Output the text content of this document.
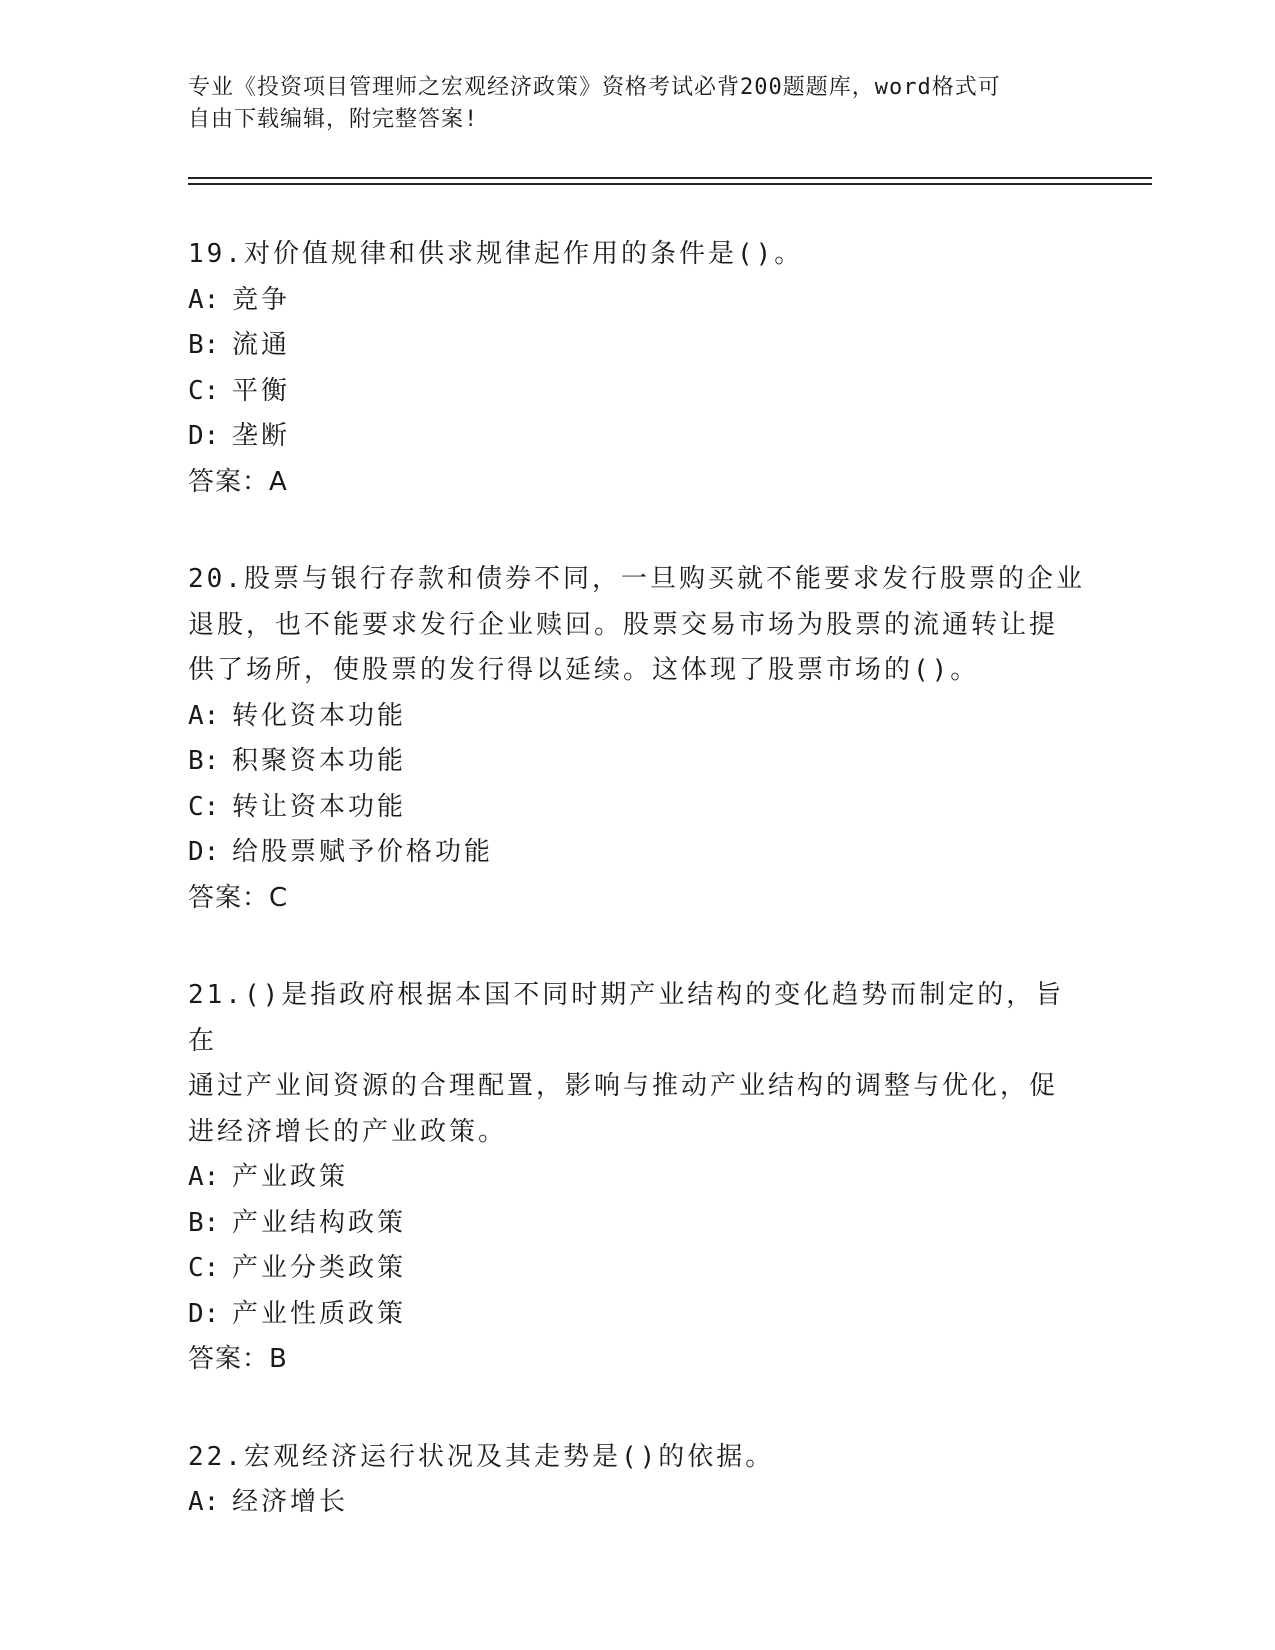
专业《投资项目管理师之宏观经济政策》资格考试必背200题题库，word格式可
自由下载编辑，附完整答案!
19.对价值规律和供求规律起作用的条件是()。
A: 竞争
B: 流通
C: 平衡
D: 垄断
答案：A
20.股票与银行存款和债券不同，一旦购买就不能要求发行股票的企业
退股，也不能要求发行企业赎回。股票交易市场为股票的流通转让提
供了场所，使股票的发行得以延续。这体现了股票市场的()。
A: 转化资本功能
B: 积聚资本功能
C: 转让资本功能
D: 给股票赋予价格功能
答案：C
21.()是指政府根据本国不同时期产业结构的变化趋势而制定的，旨在
通过产业间资源的合理配置，影响与推动产业结构的调整与优化，促
进经济增长的产业政策。
A: 产业政策
B: 产业结构政策
C: 产业分类政策
D: 产业性质政策
答案：B
22.宏观经济运行状况及其走势是()的依据。
A: 经济增长
